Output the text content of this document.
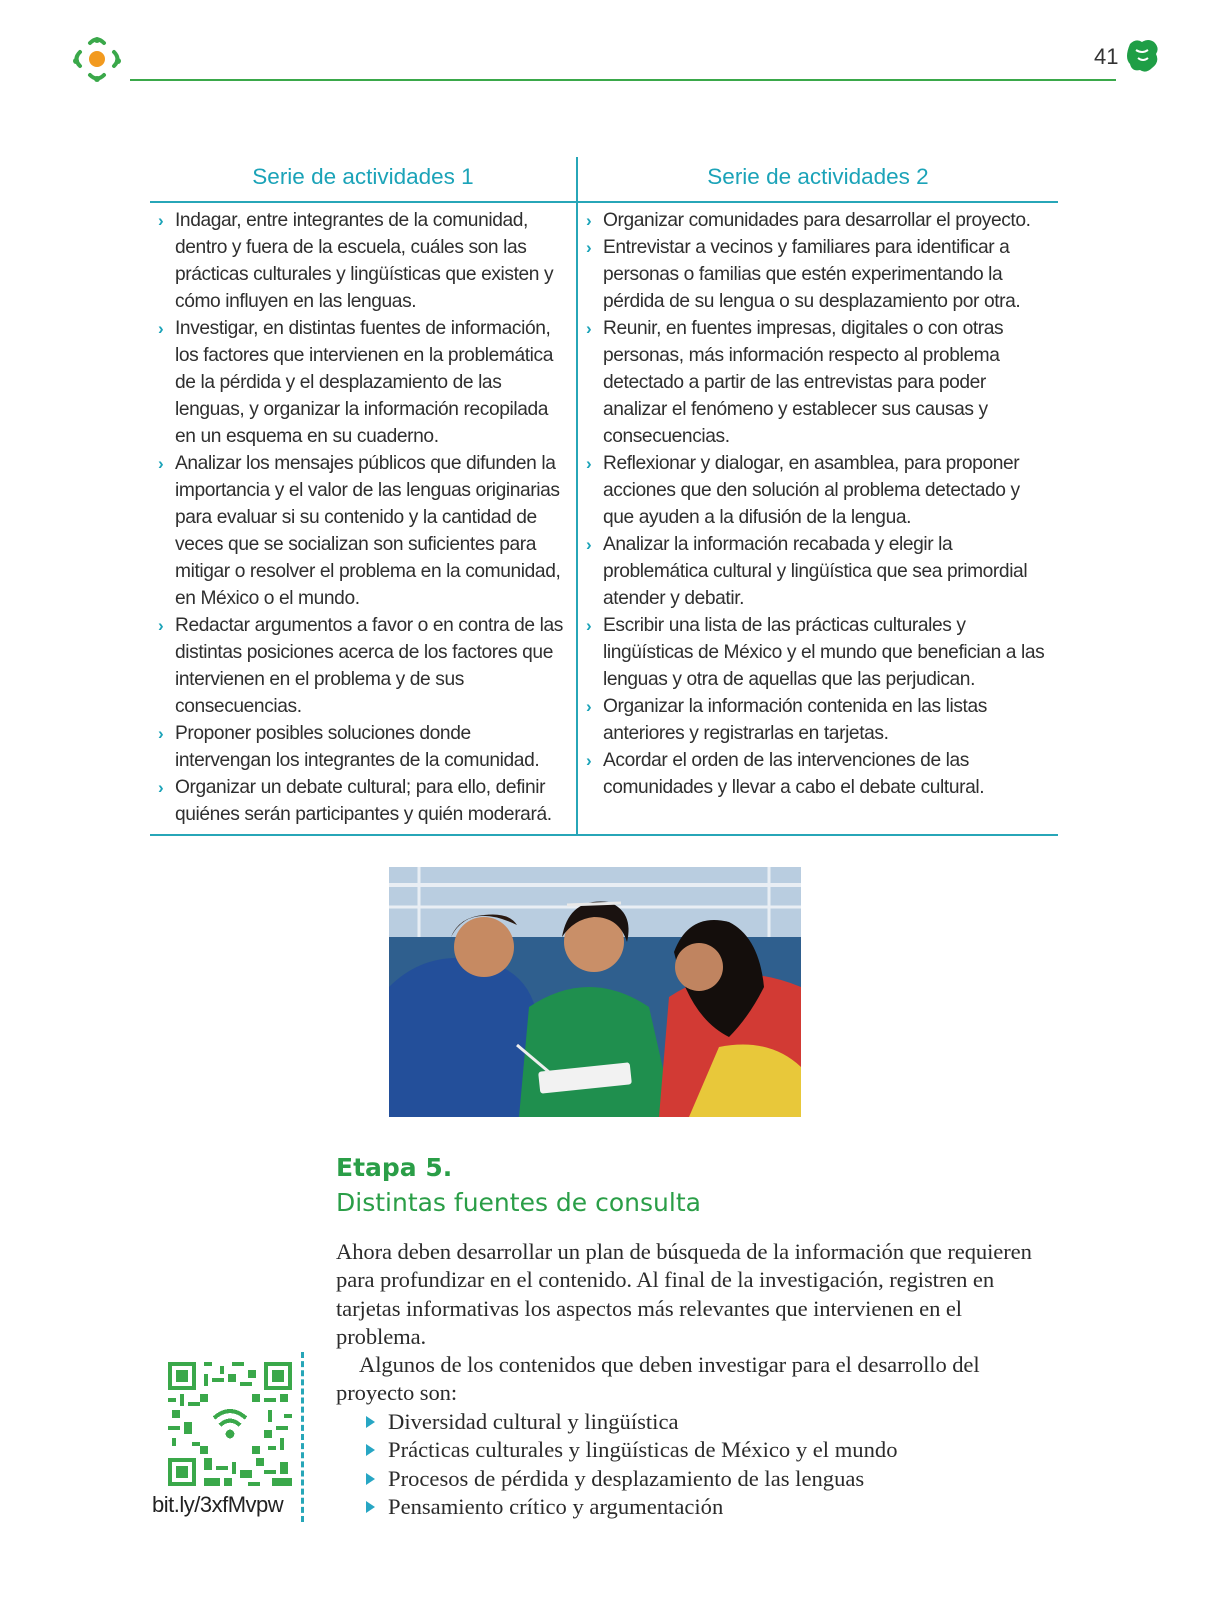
41
Serie de actividades 1	Serie de actividades 2
› Indagar, entre integrantes de la comunidad, dentro y fuera de la escuela, cuáles son las prácticas culturales y lingüísticas que existen y cómo influyen en las lenguas.
› Investigar, en distintas fuentes de información, los factores que intervienen en la problemática de la pérdida y el desplazamiento de las lenguas, y organizar la información recopilada en un esquema en su cuaderno.
› Analizar los mensajes públicos que difunden la importancia y el valor de las lenguas originarias para evaluar si su contenido y la cantidad de veces que se socializan son suficientes para mitigar o resolver el problema en la comunidad, en México o el mundo.
› Redactar argumentos a favor o en contra de las distintas posiciones acerca de los factores que intervienen en el problema y de sus consecuencias.
› Proponer posibles soluciones donde intervengan los integrantes de la comunidad.
› Organizar un debate cultural; para ello, definir quiénes serán participantes y quién moderará.
› Organizar comunidades para desarrollar el proyecto.
› Entrevistar a vecinos y familiares para identificar a personas o familias que estén experimentando la pérdida de su lengua o su desplazamiento por otra.
› Reunir, en fuentes impresas, digitales o con otras personas, más información respecto al problema detectado a partir de las entrevistas para poder analizar el fenómeno y establecer sus causas y consecuencias.
› Reflexionar y dialogar, en asamblea, para proponer acciones que den solución al problema detectado y que ayuden a la difusión de la lengua.
› Analizar la información recabada y elegir la problemática cultural y lingüística que sea primordial atender y debatir.
› Escribir una lista de las prácticas culturales y lingüísticas de México y el mundo que benefician a las lenguas y otra de aquellas que las perjudican.
› Organizar la información contenida en las listas anteriores y registrarlas en tarjetas.
› Acordar el orden de las intervenciones de las comunidades y llevar a cabo el debate cultural.
Etapa 5.
Distintas fuentes de consulta

Ahora deben desarrollar un plan de búsqueda de la información que requieren para profundizar en el contenido. Al final de la investigación, registren en tarjetas informativas los aspectos más relevantes que intervienen en el problema.

Algunos de los contenidos que deben investigar para el desarrollo del proyecto son:

Diversidad cultural y lingüística
Prácticas culturales y lingüísticas de México y el mundo
Procesos de pérdida y desplazamiento de las lenguas
Pensamiento crítico y argumentación
bit.ly/3xfMvpw
